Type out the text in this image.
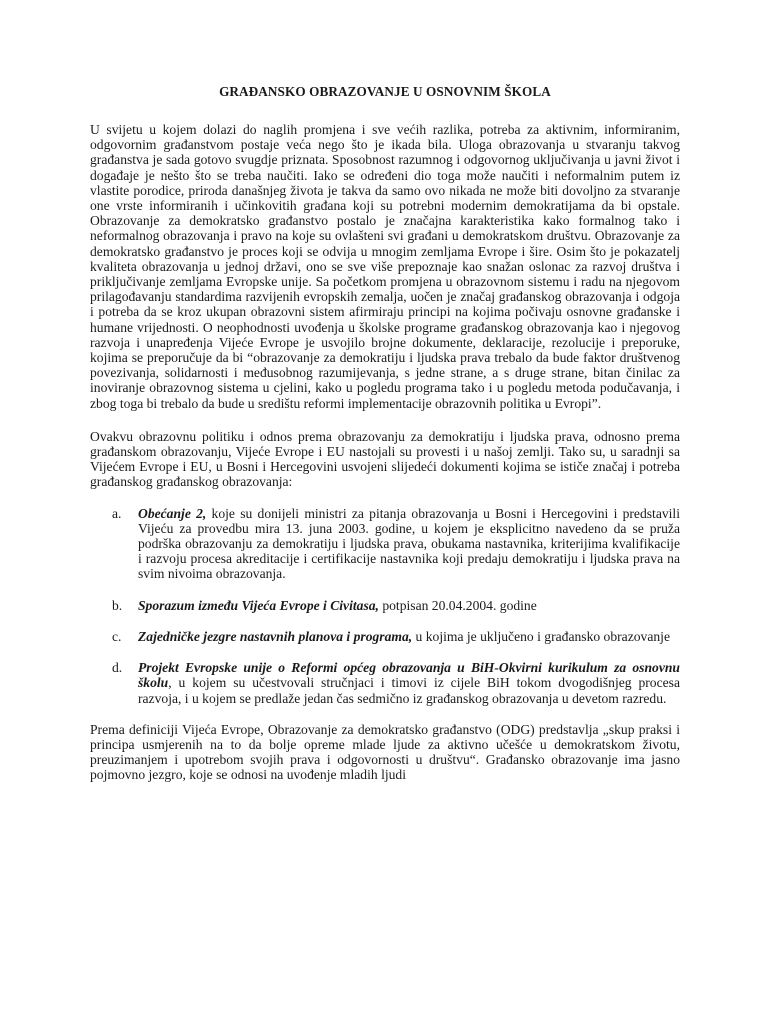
GRAĐANSKO OBRAZOVANJE U OSNOVNIM ŠKOLA

U svijetu u kojem dolazi do naglih promjena i sve većih razlika, potreba za aktivnim, informiranim, odgovornim građanstvom postaje veća nego što je ikada bila. Uloga obrazovanja u stvaranju takvog građanstva je sada gotovo svugdje priznata. Sposobnost razumnog i odgovornog uključivanja u javni život i događaje je nešto što se treba naučiti. Iako se određeni dio toga može naučiti i neformalnim putem iz vlastite porodice, priroda današnjeg života je takva da samo ovo nikada ne može biti dovoljno za stvaranje one vrste informiranih i učinkovitih građana koji su potrebni modernim demokratijama da bi opstale. Obrazovanje za demokratsko građanstvo postalo je značajna karakteristika kako formalnog tako i neformalnog obrazovanja i pravo na koje su ovlašteni svi građani u demokratskom društvu. Obrazovanje za demokratsko građanstvo je proces koji se odvija u mnogim zemljama Evrope i šire. Osim što je pokazatelj kvaliteta obrazovanja u jednoj državi, ono se sve više prepoznaje kao snažan oslonac za razvoj društva i priključivanje zemljama Evropske unije. Sa početkom promjena u obrazovnom sistemu i radu na njegovom prilagođavanju standardima razvijenih evropskih zemalja, uočen je značaj građanskog obrazovanja i odgoja i potreba da se kroz ukupan obrazovni sistem afirmiraju principi na kojima počivaju osnovne građanske i humane vrijednosti. O neophodnosti uvođenja u školske programe građanskog obrazovanja kao i njegovog razvoja i unapređenja Vijeće Evrope je usvojilo brojne dokumente, deklaracije, rezolucije i preporuke, kojima se preporučuje da bi “obrazovanje za demokratiju i ljudska prava trebalo da bude faktor društvenog povezivanja, solidarnosti i međusobnog razumijevanja, s jedne strane, a s druge strane, bitan činilac za inoviranje obrazovnog sistema u cjelini, kako u pogledu programa tako i u pogledu metoda podučavanja, i zbog toga bi trebalo da bude u središtu reformi implementacije obrazovnih politika u Evropi”.

Ovakvu obrazovnu politiku i odnos prema obrazovanju za demokratiju i ljudska prava, odnosno prema građanskom obrazovanju, Vijeće Evrope i EU nastojali su provesti i u našoj zemlji. Tako su, u saradnji sa Vijećem Evrope i EU, u Bosni i Hercegovini usvojeni slijedeći dokumenti kojima se ističe značaj i potreba građanskog građanskog obrazovanja:

a. Obećanje 2, koje su donijeli ministri za pitanja obrazovanja u Bosni i Hercegovini i predstavili Vijeću za provedbu mira 13. juna 2003. godine, u kojem je eksplicitno navedeno da se pruža podrška obrazovanju za demokratiju i ljudska prava, obukama nastavnika, kriterijima kvalifikacije i razvoju procesa akreditacije i certifikacije nastavnika koji predaju demokratiju i ljudska prava na svim nivoima obrazovanja.
b. Sporazum između Vijeća Evrope i Civitasa, potpisan 20.04.2004. godine
c. Zajedničke jezgre nastavnih planova i programa, u kojima je uključeno i građansko obrazovanje
d. Projekt Evropske unije o Reformi općeg obrazovanja u BiH-Okvirni kurikulum za osnovnu školu, u kojem su učestvovali stručnjaci i timovi iz cijele BiH tokom dvogodišnjeg procesa razvoja, i u kojem se predlaže jedan čas sedmično iz građanskog obrazovanja u devetom razredu.

Prema definiciji Vijeća Evrope, Obrazovanje za demokratsko građanstvo (ODG) predstavlja „skup praksi i principa usmjerenih na to da bolje opreme mlade ljude za aktivno učešće u demokratskom životu, preuzimanjem i upotrebom svojih prava i odgovornosti u društvu“. Građansko obrazovanje ima jasno pojmovno jezgro, koje se odnosi na uvođenje mladih ljudi
